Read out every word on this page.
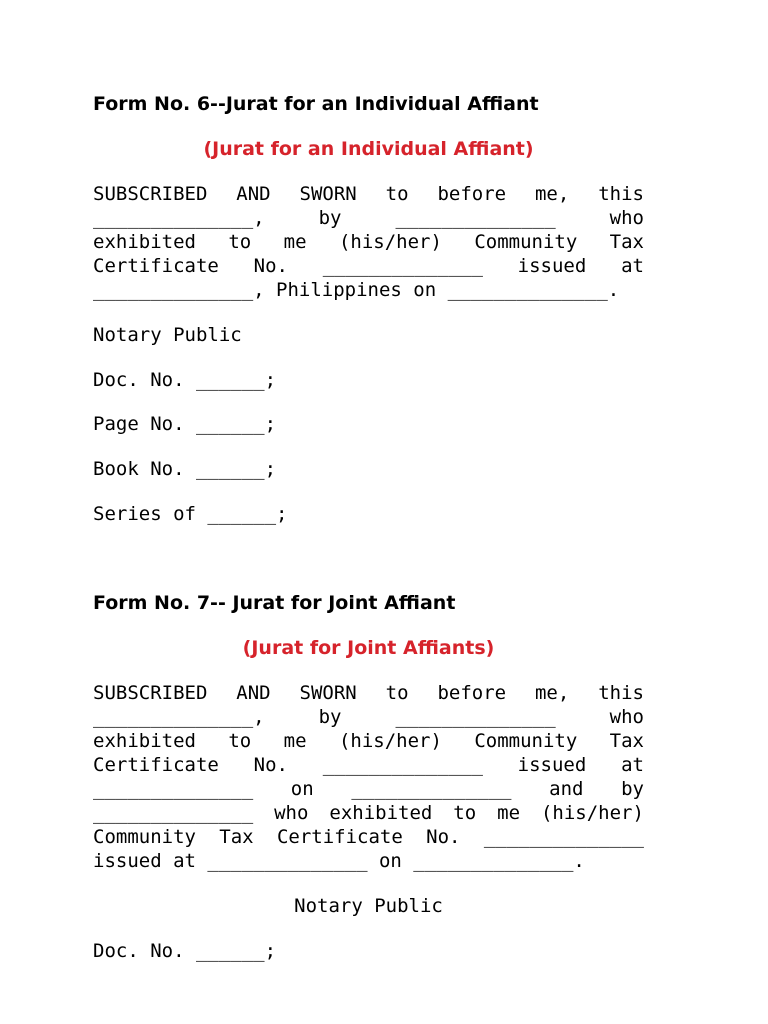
Form No. 6--Jurat for an Individual Affiant
(Jurat for an Individual Affiant)
SUBSCRIBED AND SWORN to before me, this
______________,	by	______________	who
exhibited to me (his/her) Community Tax
Certificate No. ______________ issued at
______________, Philippines on ______________.
Notary Public
Doc. No. ______;
Page No. ______;
Book No. ______;
Series of ______;
Form No. 7-- Jurat for Joint Affiant
(Jurat for Joint Affiants)
SUBSCRIBED AND SWORN to before me, this
______________,	by	______________	who
exhibited to me (his/her) Community Tax
Certificate No. ______________ issued at
______________ on ______________ and by
______________ who exhibited to me (his/her)
Community Tax Certificate No. ______________
issued at ______________ on ______________.
Notary Public
Doc. No. ______;
